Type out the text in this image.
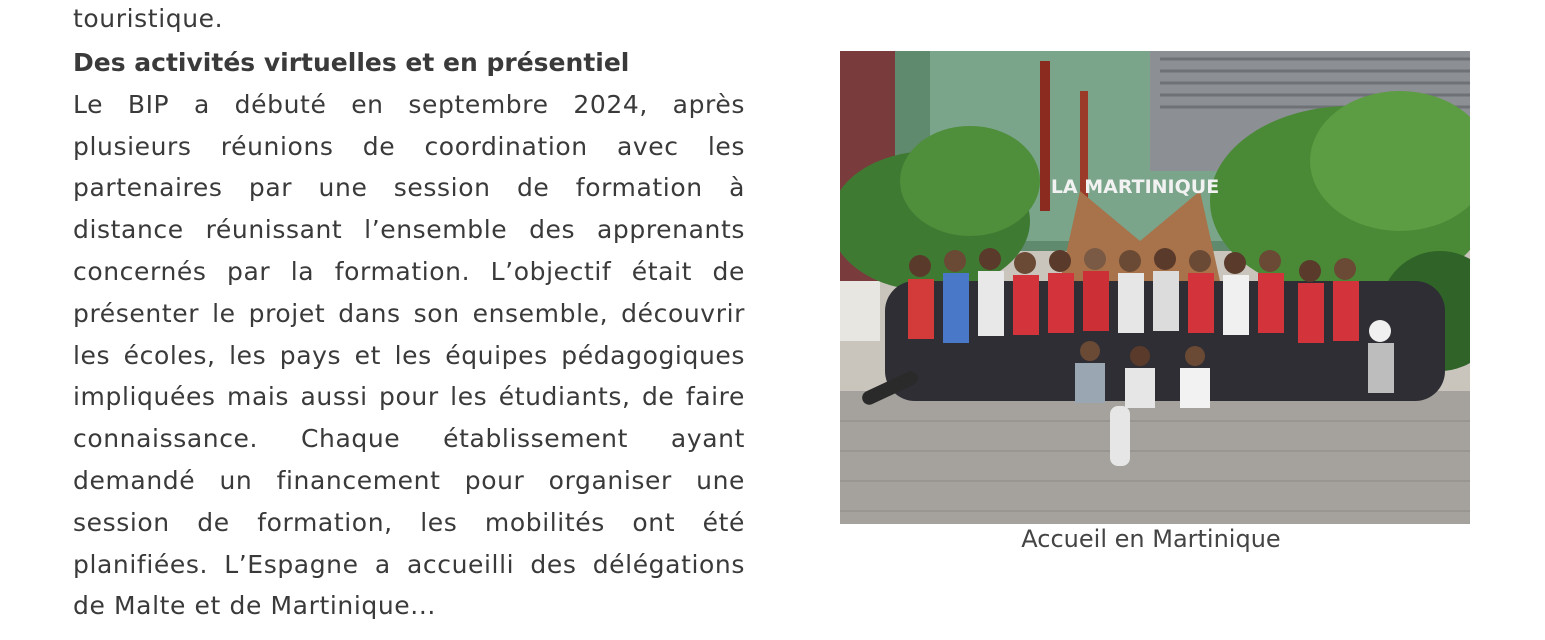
touristique.

Des activités virtuelles et en présentiel

Le BIP a débuté en septembre 2024, après plusieurs réunions de coordination avec les partenaires par une session de formation à distance réunissant l’ensemble des apprenants concernés par la formation. L’objectif était de présenter le projet dans son ensemble, découvrir les écoles, les pays et les équipes pédagogiques impliquées mais aussi pour les étudiants, de faire connaissance. Chaque établissement ayant demandé un financement pour organiser une session de formation, les mobilités ont été planifiées. L’Espagne a accueilli des délégations de Malte et de Martinique...

LA MARTINIQUE
Accueil en Martinique
